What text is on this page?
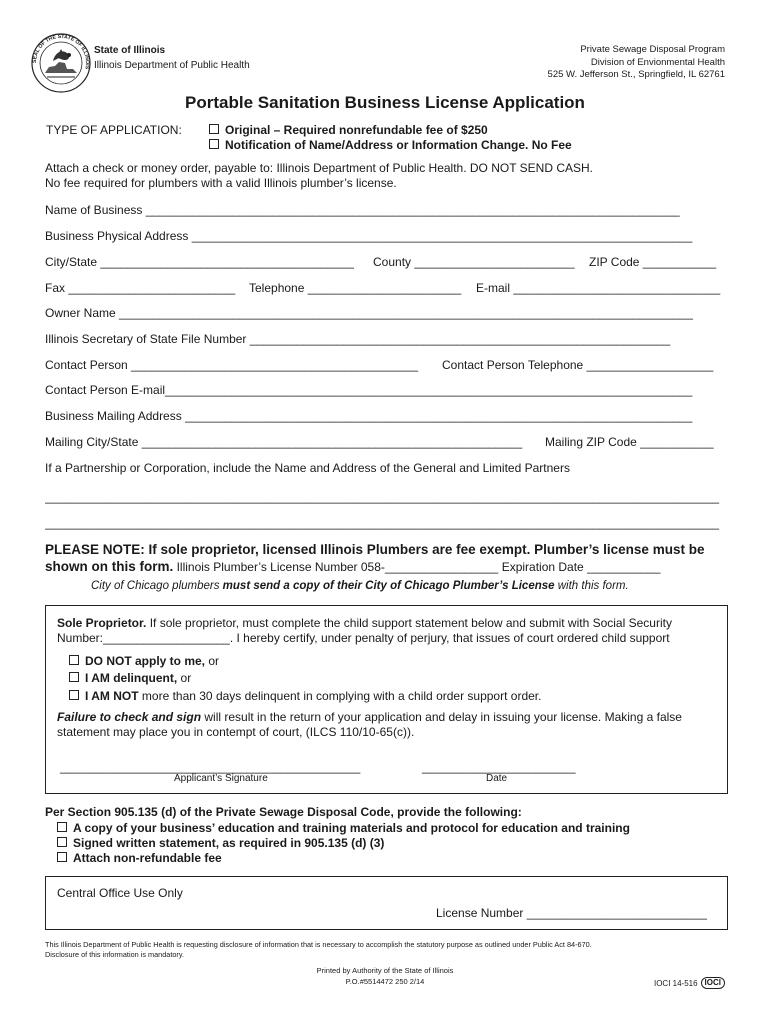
SEAL OF THE STATE OF ILLINOIS
State of Illinois
Illinois Department of Public Health
Private Sewage Disposal Program
Division of Envionmental Health
525 W. Jefferson St., Springfield, IL 62761
Portable Sanitation Business License Application
TYPE OF APPLICATION:	Original – Required nonrefundable fee of $250
Notification of Name/Address or Information Change. No Fee
Attach a check or money order, payable to: Illinois Department of Public Health. DO NOT SEND CASH.
No fee required for plumbers with a valid Illinois plumber’s license.
Name of Business ________________________________________________________________________________
Business Physical Address ___________________________________________________________________________
City/State ______________________________________ County ________________________ ZIP Code ___________
Fax _________________________ Telephone _______________________ E-mail _______________________________
Owner Name ______________________________________________________________________________________
Illinois Secretary of State File Number _______________________________________________________________
Contact Person ___________________________________________ Contact Person Telephone ___________________
Contact Person E-mail_______________________________________________________________________________
Business Mailing Address ____________________________________________________________________________
Mailing City/State _________________________________________________________ Mailing ZIP Code ___________
If a Partnership or Corporation, include the Name and Address of the General and Limited Partners
_____________________________________________________________________________________________________
_____________________________________________________________________________________________________
PLEASE NOTE: If sole proprietor, licensed Illinois Plumbers are fee exempt. Plumber’s license must be
shown on this form. Illinois Plumber’s License Number 058-_________________ Expiration Date ___________
City of Chicago plumbers must send a copy of their City of Chicago Plumber’s License with this form.
Sole Proprietor. If sole proprietor, must complete the child support statement below and submit with Social Security
Number:___________________. I hereby certify, under penalty of perjury, that issues of court ordered child support
DO NOT apply to me, or
I AM delinquent, or
I AM NOT more than 30 days delinquent in complying with a child order support order.
Failure to check and sign will result in the return of your application and delay in issuing your license. Making a false
statement may place you in contempt of court, (ILCS 110/10-65(c)).
_____________________________________________
Applicant’s Signature
_______________________
Date
Per Section 905.135 (d) of the Private Sewage Disposal Code, provide the following:
A copy of your business’ education and training materials and protocol for education and training
Signed written statement, as required in 905.135 (d) (3)
Attach non-refundable fee
Central Office Use Only
License Number ___________________________
This Illinois Department of Public Health is requesting disclosure of information that is necessary to accomplish the statutory purpose as outlined under Public Act 84-670.
Disclosure of this information is mandatory.
Printed by Authority of the State of Illinois
P.O.#5514472 250 2/14	IOCI 14-516 IOCI
